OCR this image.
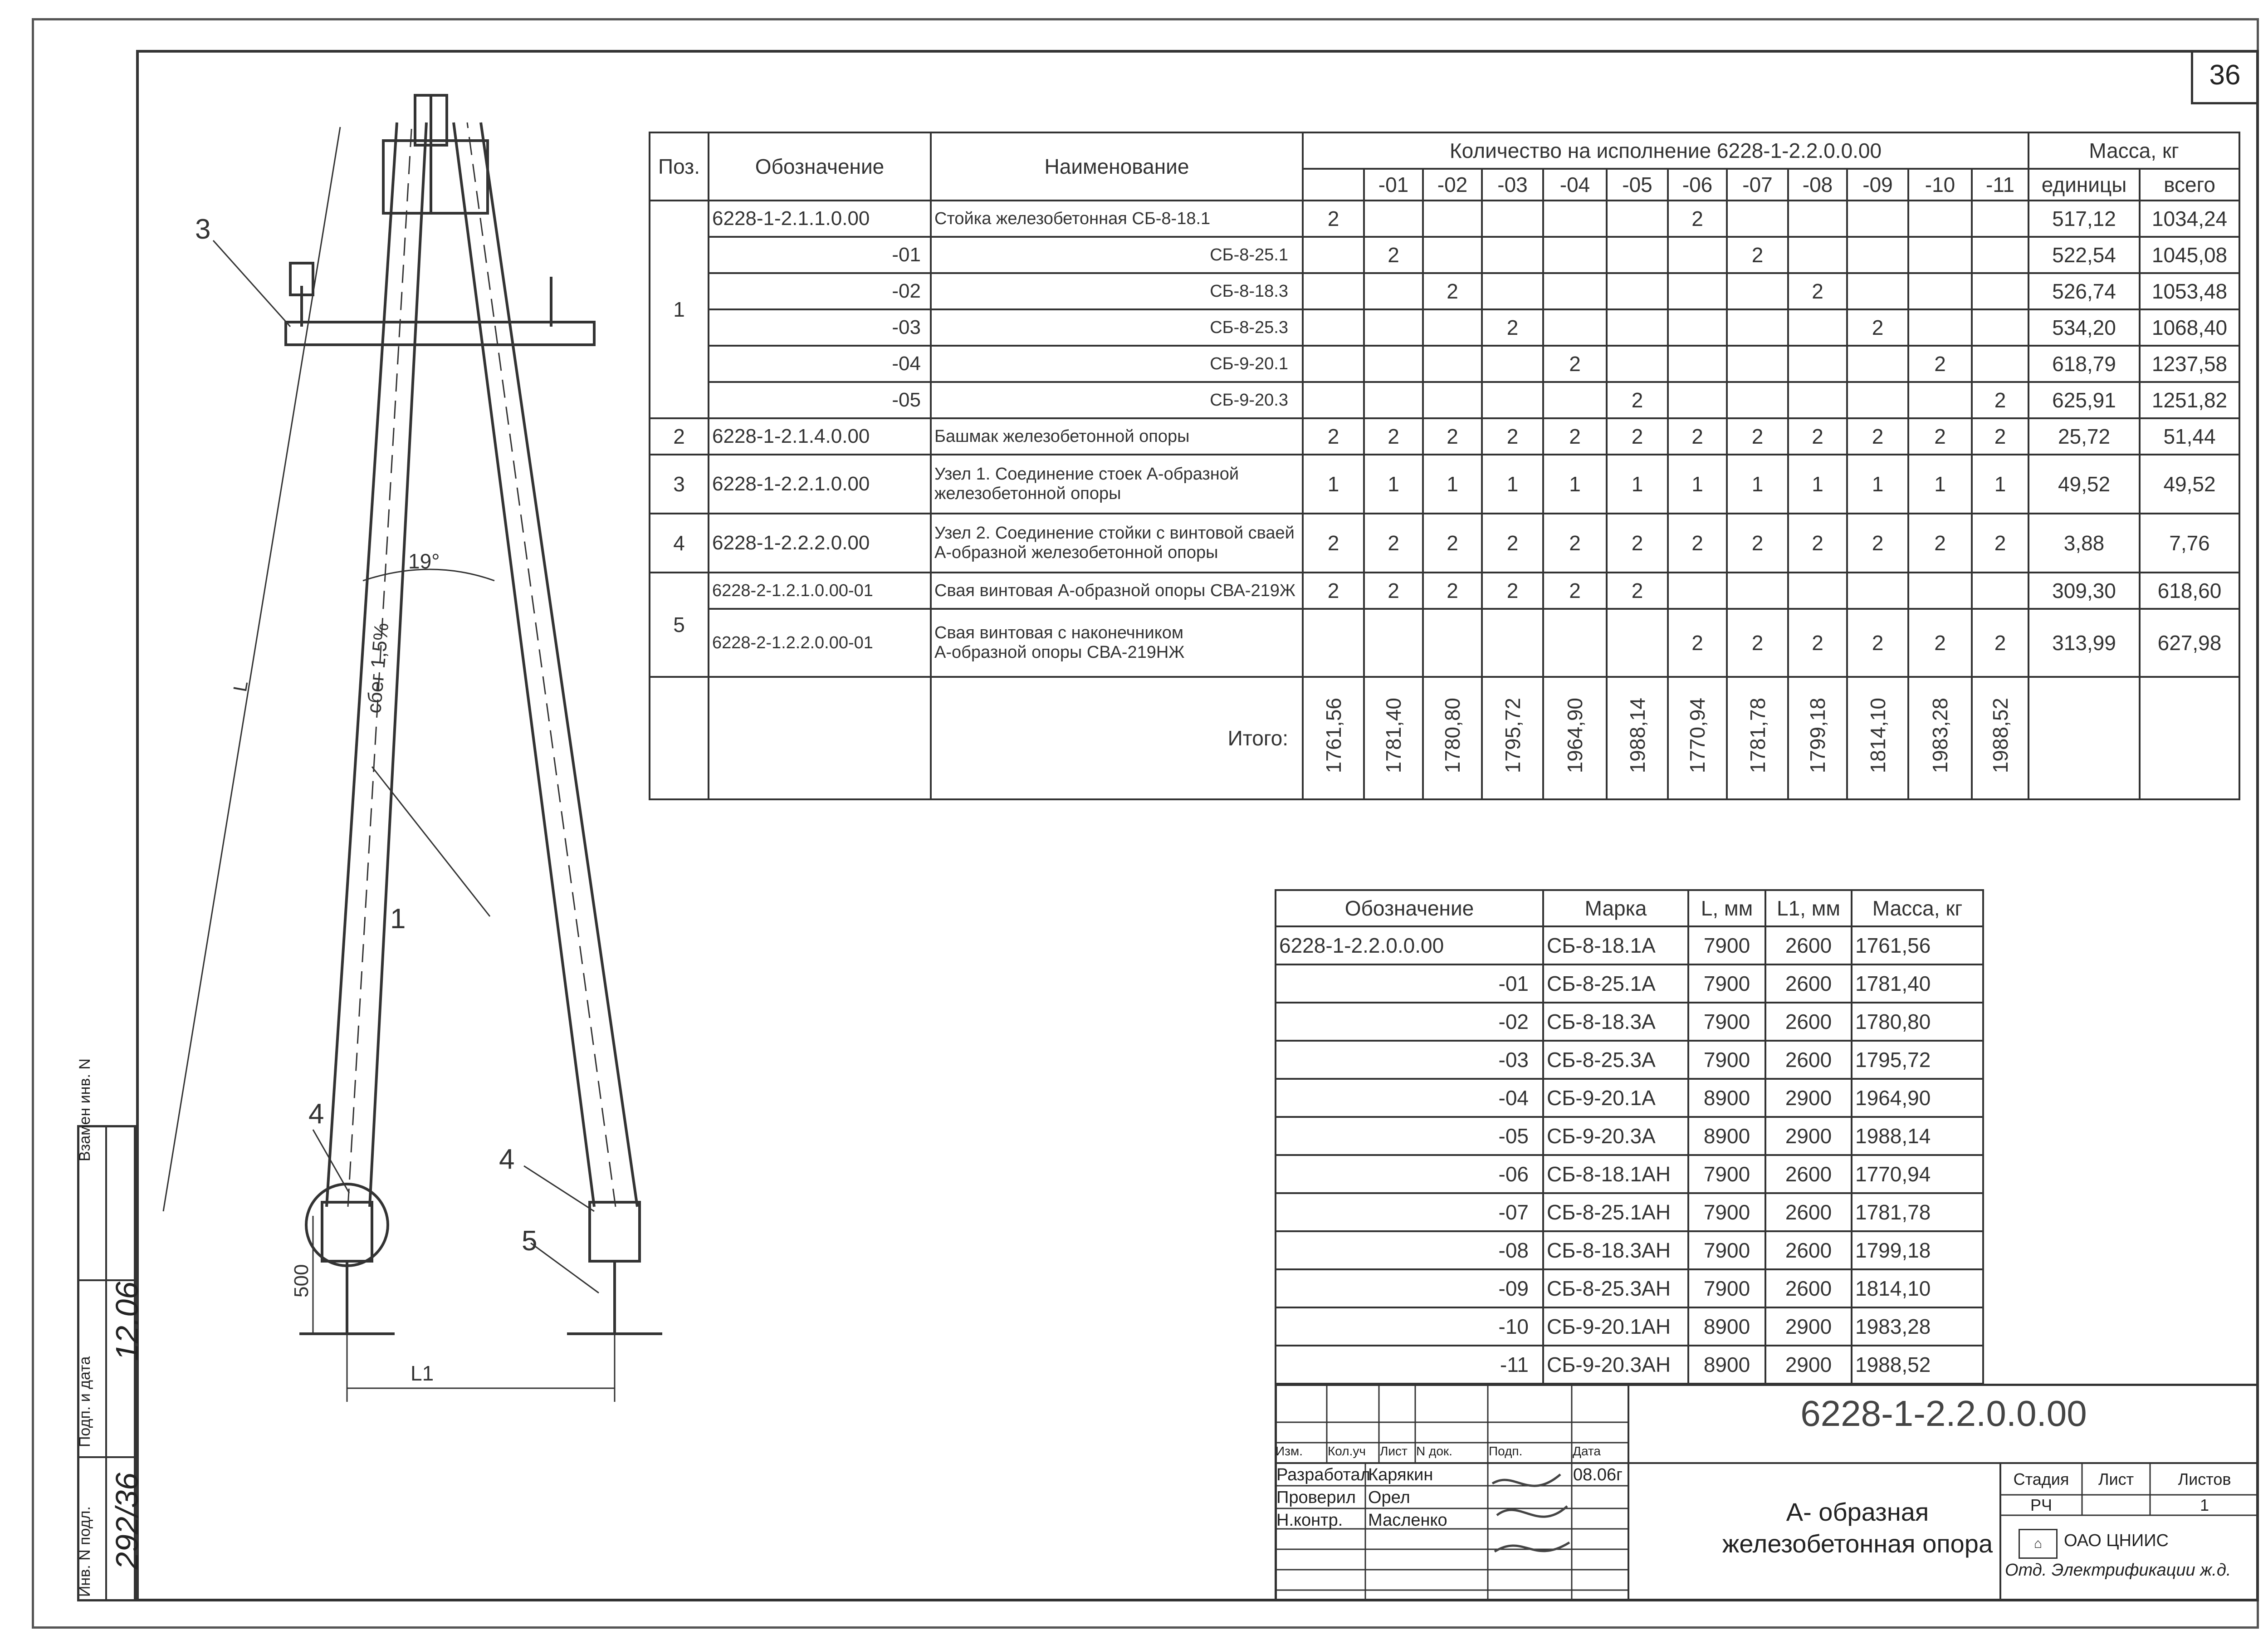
36
Взамен инв. N
Подп. и дата
Инв. N подл.
12.06
292/36
3
1
4
4
5
19°
сбег 1,5%
500
L1
L
Поз.	Обозначение	Наименование	Количество на исполнение 6228-1-2.2.0.0.00												Масса, кг	
				-01	-02	-03	-04	-05	-06	-07	-08	-09	-10	-11	единицы	всего
1	6228-1-2.1.1.0.00	Стойка железобетонная СБ-8-18.1	2						2						517,12	1034,24
	-01	СБ-8-25.1		2						2					522,54	1045,08
	-02	СБ-8-18.3			2						2				526,74	1053,48
	-03	СБ-8-25.3				2						2			534,20	1068,40
	-04	СБ-9-20.1					2						2		618,79	1237,58
	-05	СБ-9-20.3						2						2	625,91	1251,82
2	6228-1-2.1.4.0.00	Башмак железобетонной опоры	2	2	2	2	2	2	2	2	2	2	2	2	25,72	51,44
3	6228-1-2.2.1.0.00	Узел 1. Соединение стоек А-образной
железобетонной опоры	1	1	1	1	1	1	1	1	1	1	1	1	49,52	49,52
4	6228-1-2.2.2.0.00	Узел 2. Соединение стойки с винтовой сваей
А-образной железобетонной опоры	2	2	2	2	2	2	2	2	2	2	2	2	3,88	7,76
5	6228-2-1.2.1.0.00-01	Свая винтовая А-образной опоры СВА-219Ж	2	2	2	2	2	2							309,30	618,60
	6228-2-1.2.2.0.00-01	Свая винтовая с наконечником
А-образной опоры СВА-219НЖ							2	2	2	2	2	2	313,99	627,98
		Итого:	1761,56	1781,40	1780,80	1795,72	1964,90	1988,14	1770,94	1781,78	1799,18	1814,10	1983,28	1988,52		
Обозначение	Марка	L, мм	L1, мм	Масса, кг
6228-1-2.2.0.0.00	СБ-8-18.1А	7900	2600	1761,56
-01	СБ-8-25.1А	7900	2600	1781,40
-02	СБ-8-18.3А	7900	2600	1780,80
-03	СБ-8-25.3А	7900	2600	1795,72
-04	СБ-9-20.1А	8900	2900	1964,90
-05	СБ-9-20.3А	8900	2900	1988,14
-06	СБ-8-18.1АН	7900	2600	1770,94
-07	СБ-8-25.1АН	7900	2600	1781,78
-08	СБ-8-18.3АН	7900	2600	1799,18
-09	СБ-8-25.3АН	7900	2600	1814,10
-10	СБ-9-20.1АН	8900	2900	1983,28
-11	СБ-9-20.3АН	8900	2900	1988,52
Изм. Кол.уч Лист N док.	Подп.	Дата
Разработал
Карякин	08.06г
Проверил Орел
Н.контр. Масленко
6228-1-2.2.0.0.00
А- образная
железобетонная опора
Стадия	Лист	Листов
РЧ	1
⌂	ОАО ЦНИИС
Отд. Электрификации ж.д.
